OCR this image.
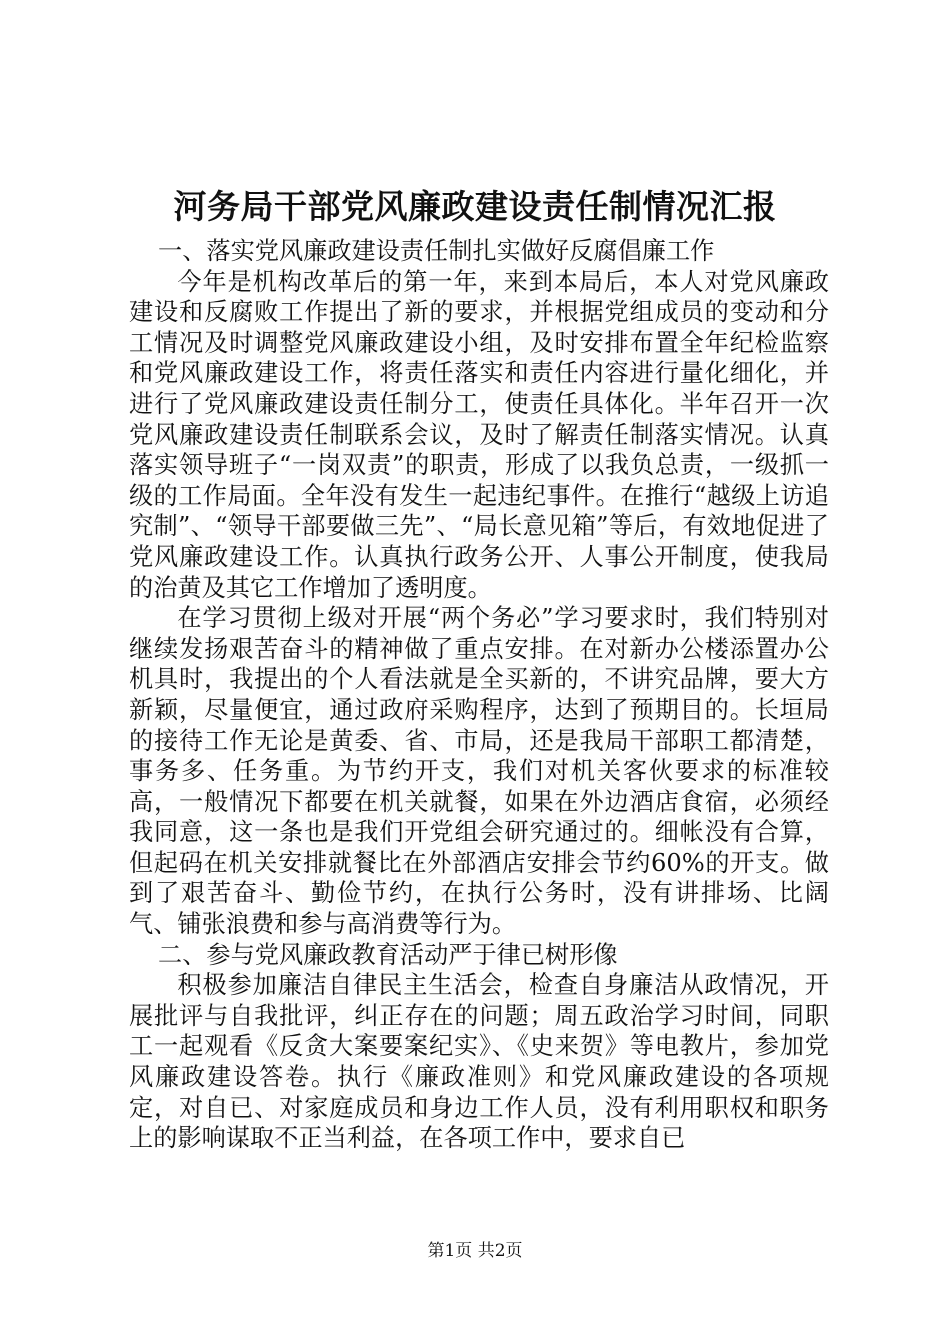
河务局干部党风廉政建设责任制情况汇报

一、落实党风廉政建设责任制扎实做好反腐倡廉工作

今年是机构改革后的第一年，来到本局后，本人对党风廉政建设和反腐败工作提出了新的要求，并根据党组成员的变动和分工情况及时调整党风廉政建设小组，及时安排布置全年纪检监察和党风廉政建设工作，将责任落实和责任内容进行量化细化，并进行了党风廉政建设责任制分工，使责任具体化。半年召开一次党风廉政建设责任制联系会议，及时了解责任制落实情况。认真落实领导班子“一岗双责”的职责，形成了以我负总责，一级抓一级的工作局面。全年没有发生一起违纪事件。在推行“越级上访追究制”、“领导干部要做三先”、“局长意见箱”等后，有效地促进了党风廉政建设工作。认真执行政务公开、人事公开制度，使我局的治黄及其它工作增加了透明度。

在学习贯彻上级对开展“两个务必”学习要求时，我们特别对继续发扬艰苦奋斗的精神做了重点安排。在对新办公楼添置办公机具时，我提出的个人看法就是全买新的，不讲究品牌，要大方新颖，尽量便宜，通过政府采购程序，达到了预期目的。长垣局的接待工作无论是黄委、省、市局，还是我局干部职工都清楚，事务多、任务重。为节约开支，我们对机关客伙要求的标准较高，一般情况下都要在机关就餐，如果在外边酒店食宿，必须经我同意，这一条也是我们开党组会研究通过的。细帐没有合算，但起码在机关安排就餐比在外部酒店安排会节约60%的开支。做到了艰苦奋斗、勤俭节约，在执行公务时，没有讲排场、比阔气、铺张浪费和参与高消费等行为。

二、参与党风廉政教育活动严于律已树形像

积极参加廉洁自律民主生活会，检查自身廉洁从政情况，开展批评与自我批评，纠正存在的问题；周五政治学习时间，同职工一起观看《反贪大案要案纪实》、《史来贺》等电教片，参加党风廉政建设答卷。执行《廉政准则》和党风廉政建设的各项规定，对自已、对家庭成员和身边工作人员，没有利用职权和职务上的影响谋取不正当利益，在各项工作中，要求自已

第1页 共2页
